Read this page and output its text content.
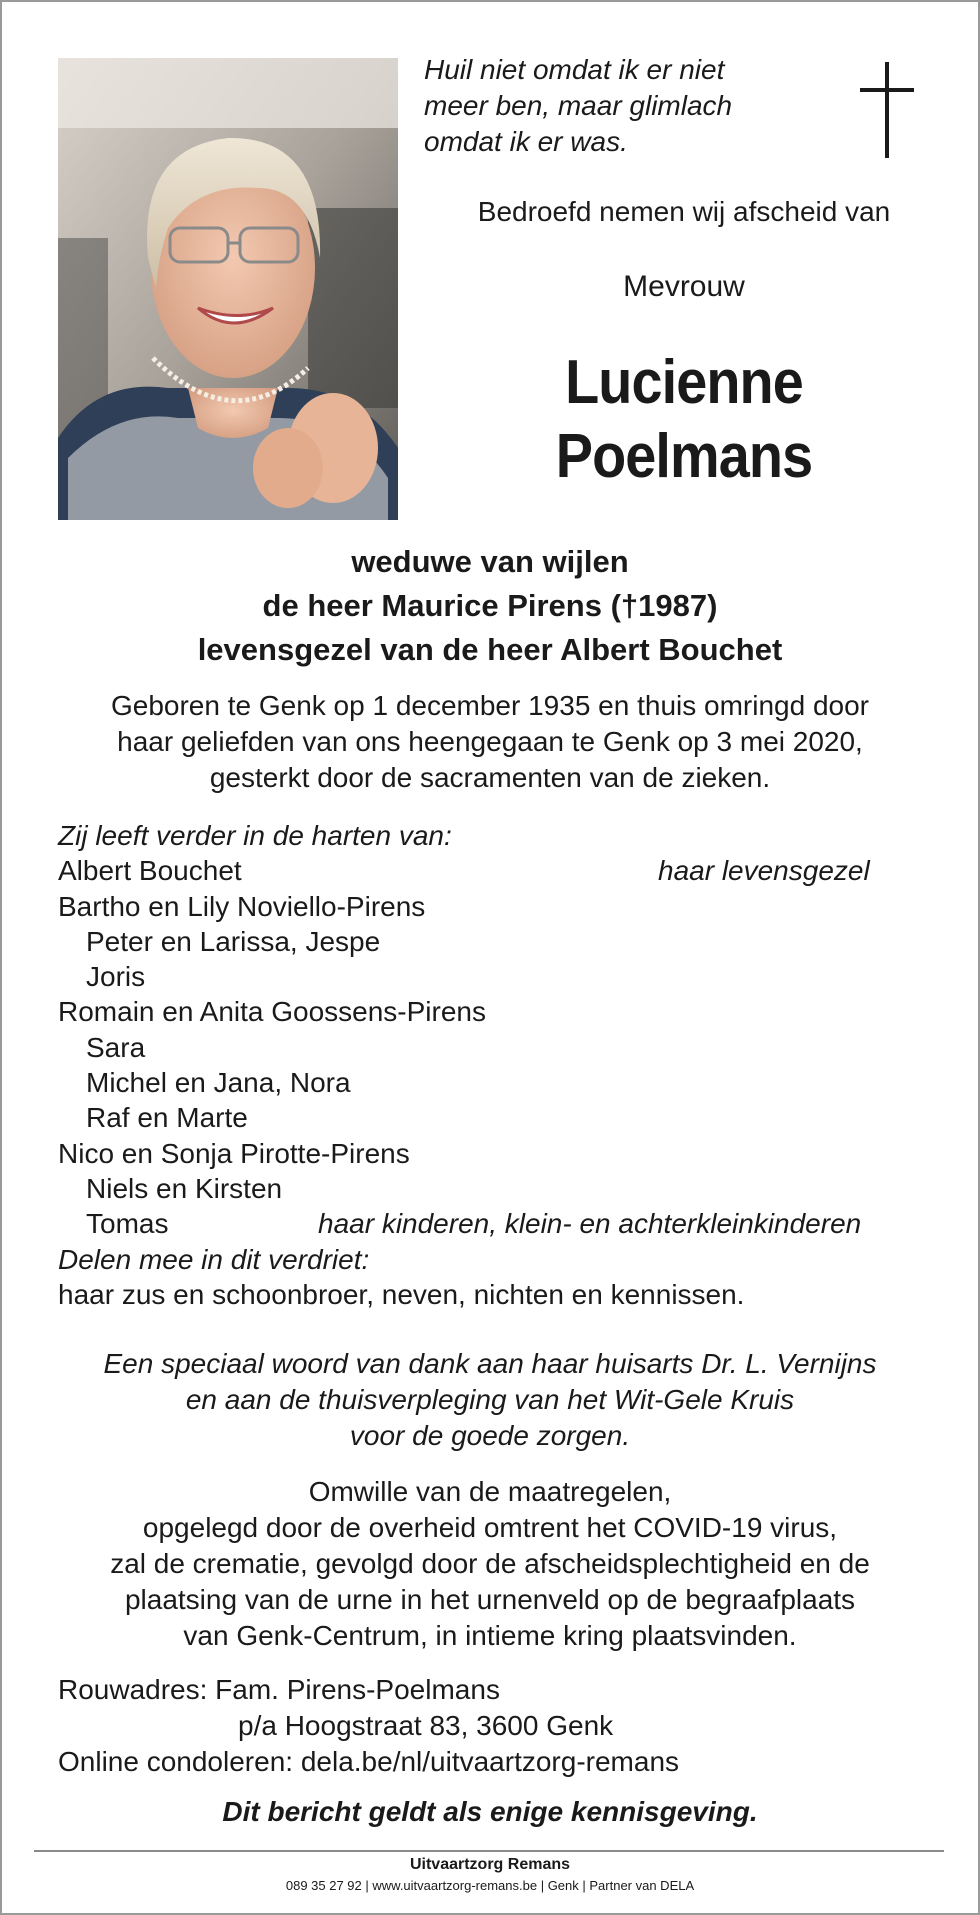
Huil niet omdat ik er niet
meer ben, maar glimlach
omdat ik er was.
Bedroefd nemen wij afscheid van
Mevrouw
Lucienne
Poelmans
weduwe van wijlen
de heer Maurice Pirens (†1987)
levensgezel van de heer Albert Bouchet
Geboren te Genk op 1 december 1935 en thuis omringd door
haar geliefden van ons heengegaan te Genk op 3 mei 2020,
gesterkt door de sacramenten van de zieken.
Zij leeft verder in de harten van:
Albert Bouchet	haar levensgezel
Bartho en Lily Noviello-Pirens
Peter en Larissa, Jespe
Joris
Romain en Anita Goossens-Pirens
Sara
Michel en Jana, Nora
Raf en Marte
Nico en Sonja Pirotte-Pirens
Niels en Kirsten
Tomas	haar kinderen, klein- en achterkleinkinderen
Delen mee in dit verdriet:
haar zus en schoonbroer, neven, nichten en kennissen.
Een speciaal woord van dank aan haar huisarts Dr. L. Vernijns
en aan de thuisverpleging van het Wit-Gele Kruis
voor de goede zorgen.
Omwille van de maatregelen,
opgelegd door de overheid omtrent het COVID-19 virus,
zal de crematie, gevolgd door de afscheidsplechtigheid en de
plaatsing van de urne in het urnenveld op de begraafplaats
van Genk-Centrum, in intieme kring plaatsvinden.
Rouwadres: Fam. Pirens-Poelmans
p/a Hoogstraat 83, 3600 Genk
Online condoleren: dela.be/nl/uitvaartzorg-remans
Dit bericht geldt als enige kennisgeving.
Uitvaartzorg Remans
089 35 27 92 | www.uitvaartzorg-remans.be | Genk | Partner van DELA
